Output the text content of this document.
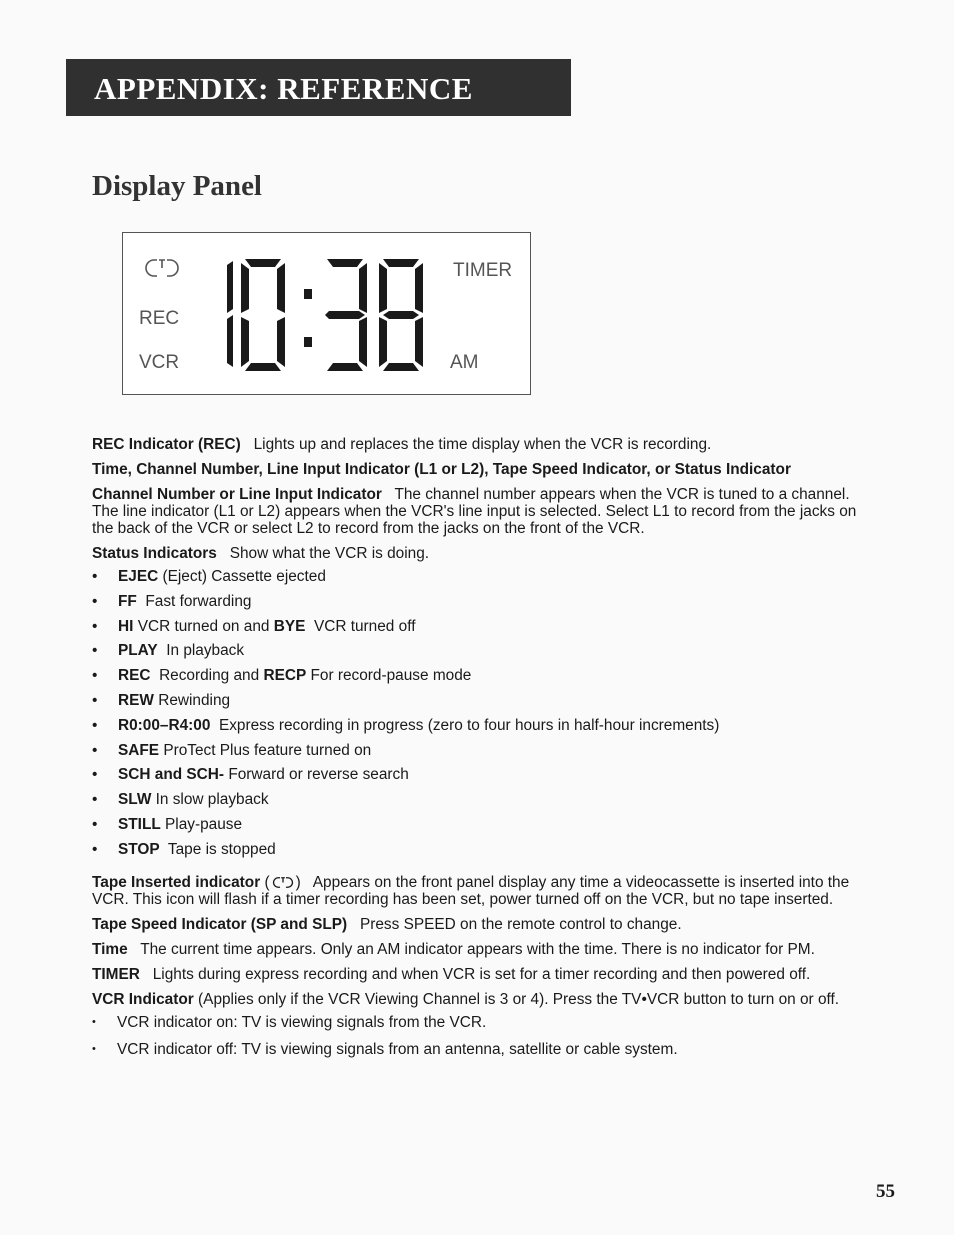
APPENDIX: REFERENCE
Display Panel
REC
VCR
TIMER
AM

REC Indicator (REC) Lights up and replaces the time display when the VCR is recording.

Time, Channel Number, Line Input Indicator (L1 or L2), Tape Speed Indicator, or Status Indicator

Channel Number or Line Input Indicator The channel number appears when the VCR is tuned to a channel. The line indicator (L1 or L2) appears when the VCR's line input is selected. Select L1 to record from the jacks on the back of the VCR or select L2 to record from the jacks on the front of the VCR.

Status Indicators Show what the VCR is doing.

• EJEC (Eject) Cassette ejected
• FF Fast forwarding
• HI VCR turned on and BYE VCR turned off
• PLAY In playback
• REC Recording and RECP For record-pause mode
• REW Rewinding
• R0:00–R4:00 Express recording in progress (zero to four hours in half-hour increments)
• SAFE ProTect Plus feature turned on
• SCH and SCH- Forward or reverse search
• SLW In slow playback
• STILL Play-pause
• STOP Tape is stopped

Tape Inserted indicator ( ) Appears on the front panel display any time a videocassette is inserted into the VCR. This icon will flash if a timer recording has been set, power turned off on the VCR, but no tape inserted.

Tape Speed Indicator (SP and SLP) Press SPEED on the remote control to change.

Time The current time appears. Only an AM indicator appears with the time. There is no indicator for PM.

TIMER Lights during express recording and when VCR is set for a timer recording and then powered off.

VCR Indicator (Applies only if the VCR Viewing Channel is 3 or 4). Press the TV•VCR button to turn on or off.

• VCR indicator on: TV is viewing signals from the VCR.
• VCR indicator off: TV is viewing signals from an antenna, satellite or cable system.
55
